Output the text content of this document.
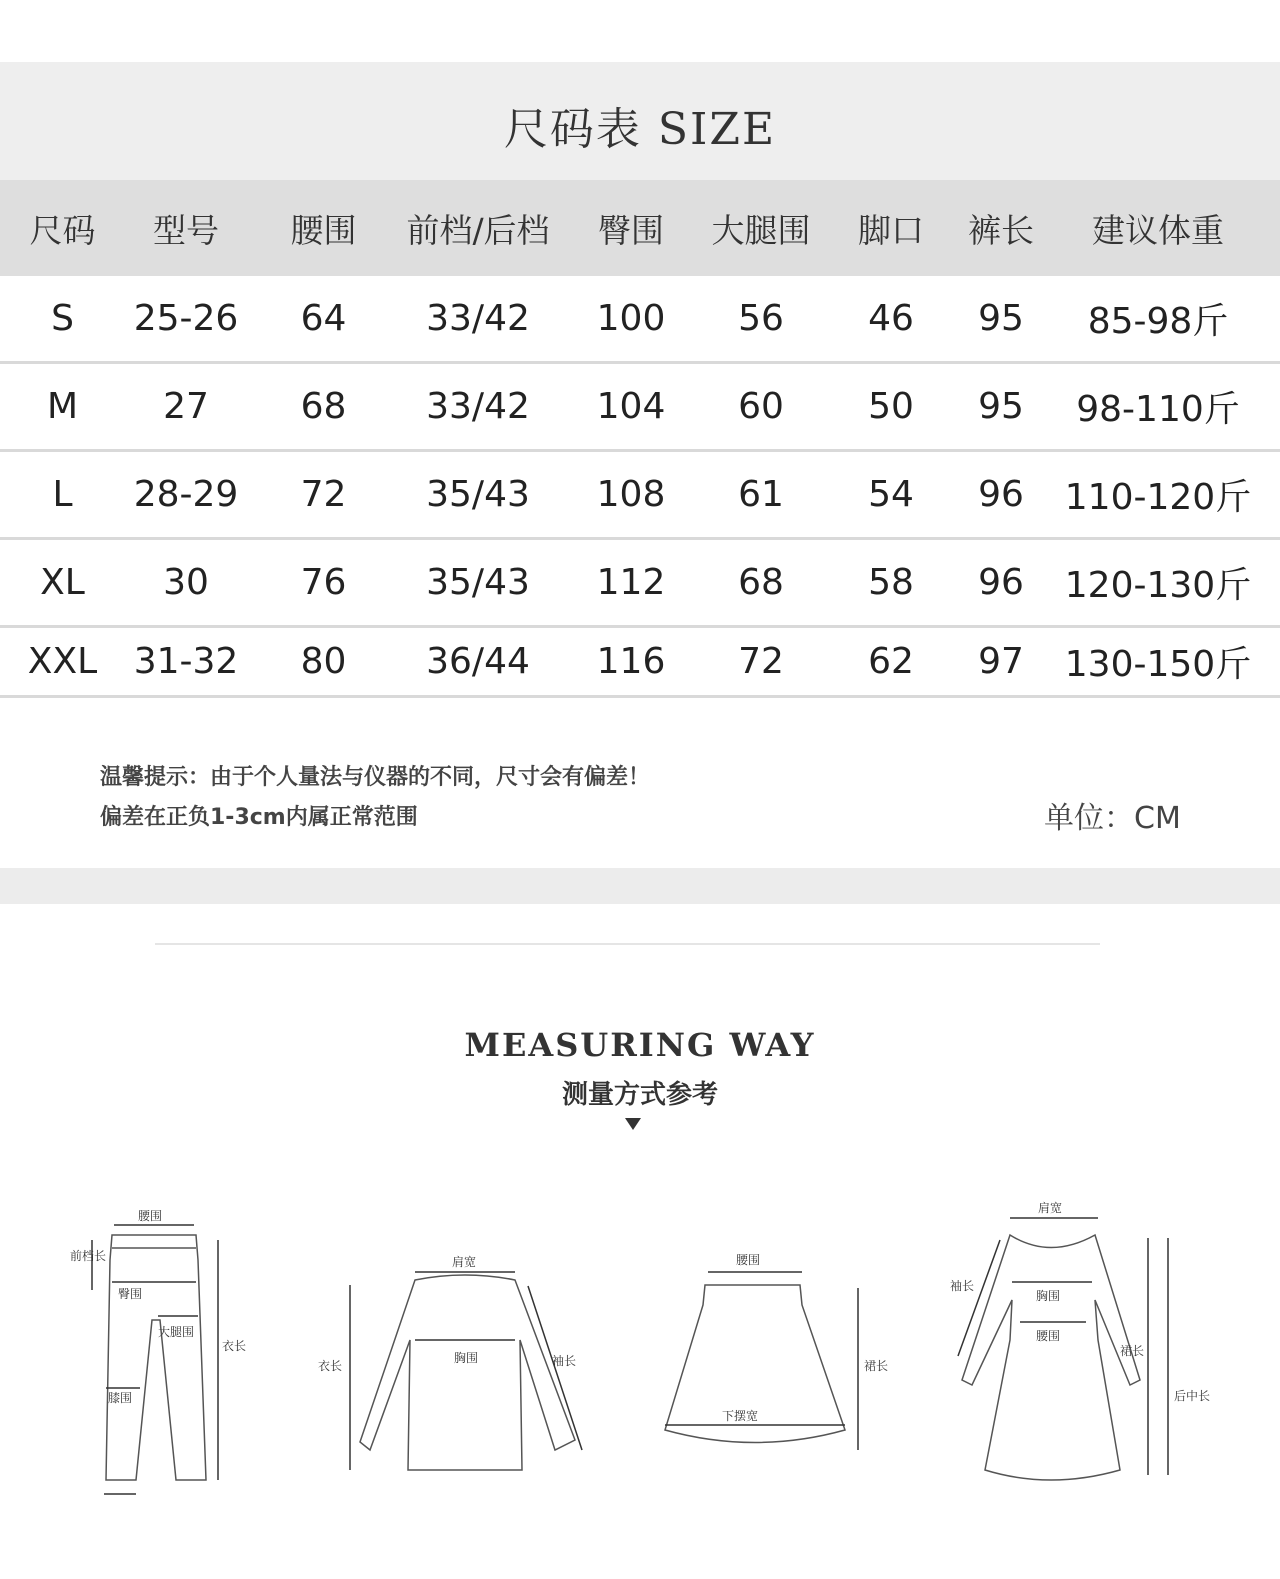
尺码表 SIZE
尺码	型号	腰围	前档/后档	臀围	大腿围	脚口	裤长	建议体重
S	25-26	64	33/42	100	56	46	95	85-98斤
M	27	68	33/42	104	60	50	95	98-110斤
L	28-29	72	35/43	108	61	54	96	110-120斤
XL	30	76	35/43	112	68	58	96	120-130斤
XXL	31-32	80	36/44	116	72	62	97	130-150斤
温馨提示：由于个人量法与仪器的不同，尺寸会有偏差！
偏差在正负1-3cm内属正常范围	单位：CM
MEASURING WAY
测量方式参考
腰围
前档长
臀围
大腿围
膝围
衣长
肩宽
胸围
衣长	袖长
腰围
下摆宽
裙长
肩宽
胸围
腰围
袖长
裙长
后中长
